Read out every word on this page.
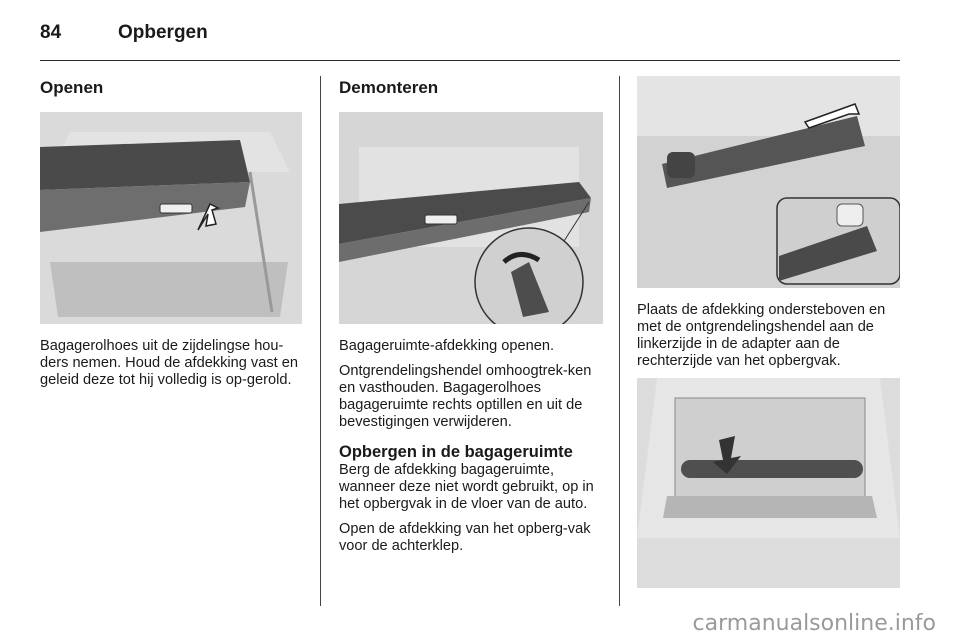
84	Opbergen
Openen

Bagagerolhoes uit de zijdelingse hou-ders nemen. Houd de afdekking vast en geleid deze tot hij volledig is op-gerold.

Demonteren

Bagageruimte-afdekking openen.

Ontgrendelingshendel omhoogtrek-ken en vasthouden. Bagagerolhoes bagageruimte rechts optillen en uit de bevestigingen verwijderen.

Opbergen in de bagageruimte

Berg de afdekking bagageruimte, wanneer deze niet wordt gebruikt, op in het opbergvak in de vloer van de auto.

Open de afdekking van het opberg-vak voor de achterklep.

Plaats de afdekking ondersteboven en met de ontgrendelingshendel aan de linkerzijde in de adapter aan de rechterzijde van het opbergvak.

carmanualsonline.info
